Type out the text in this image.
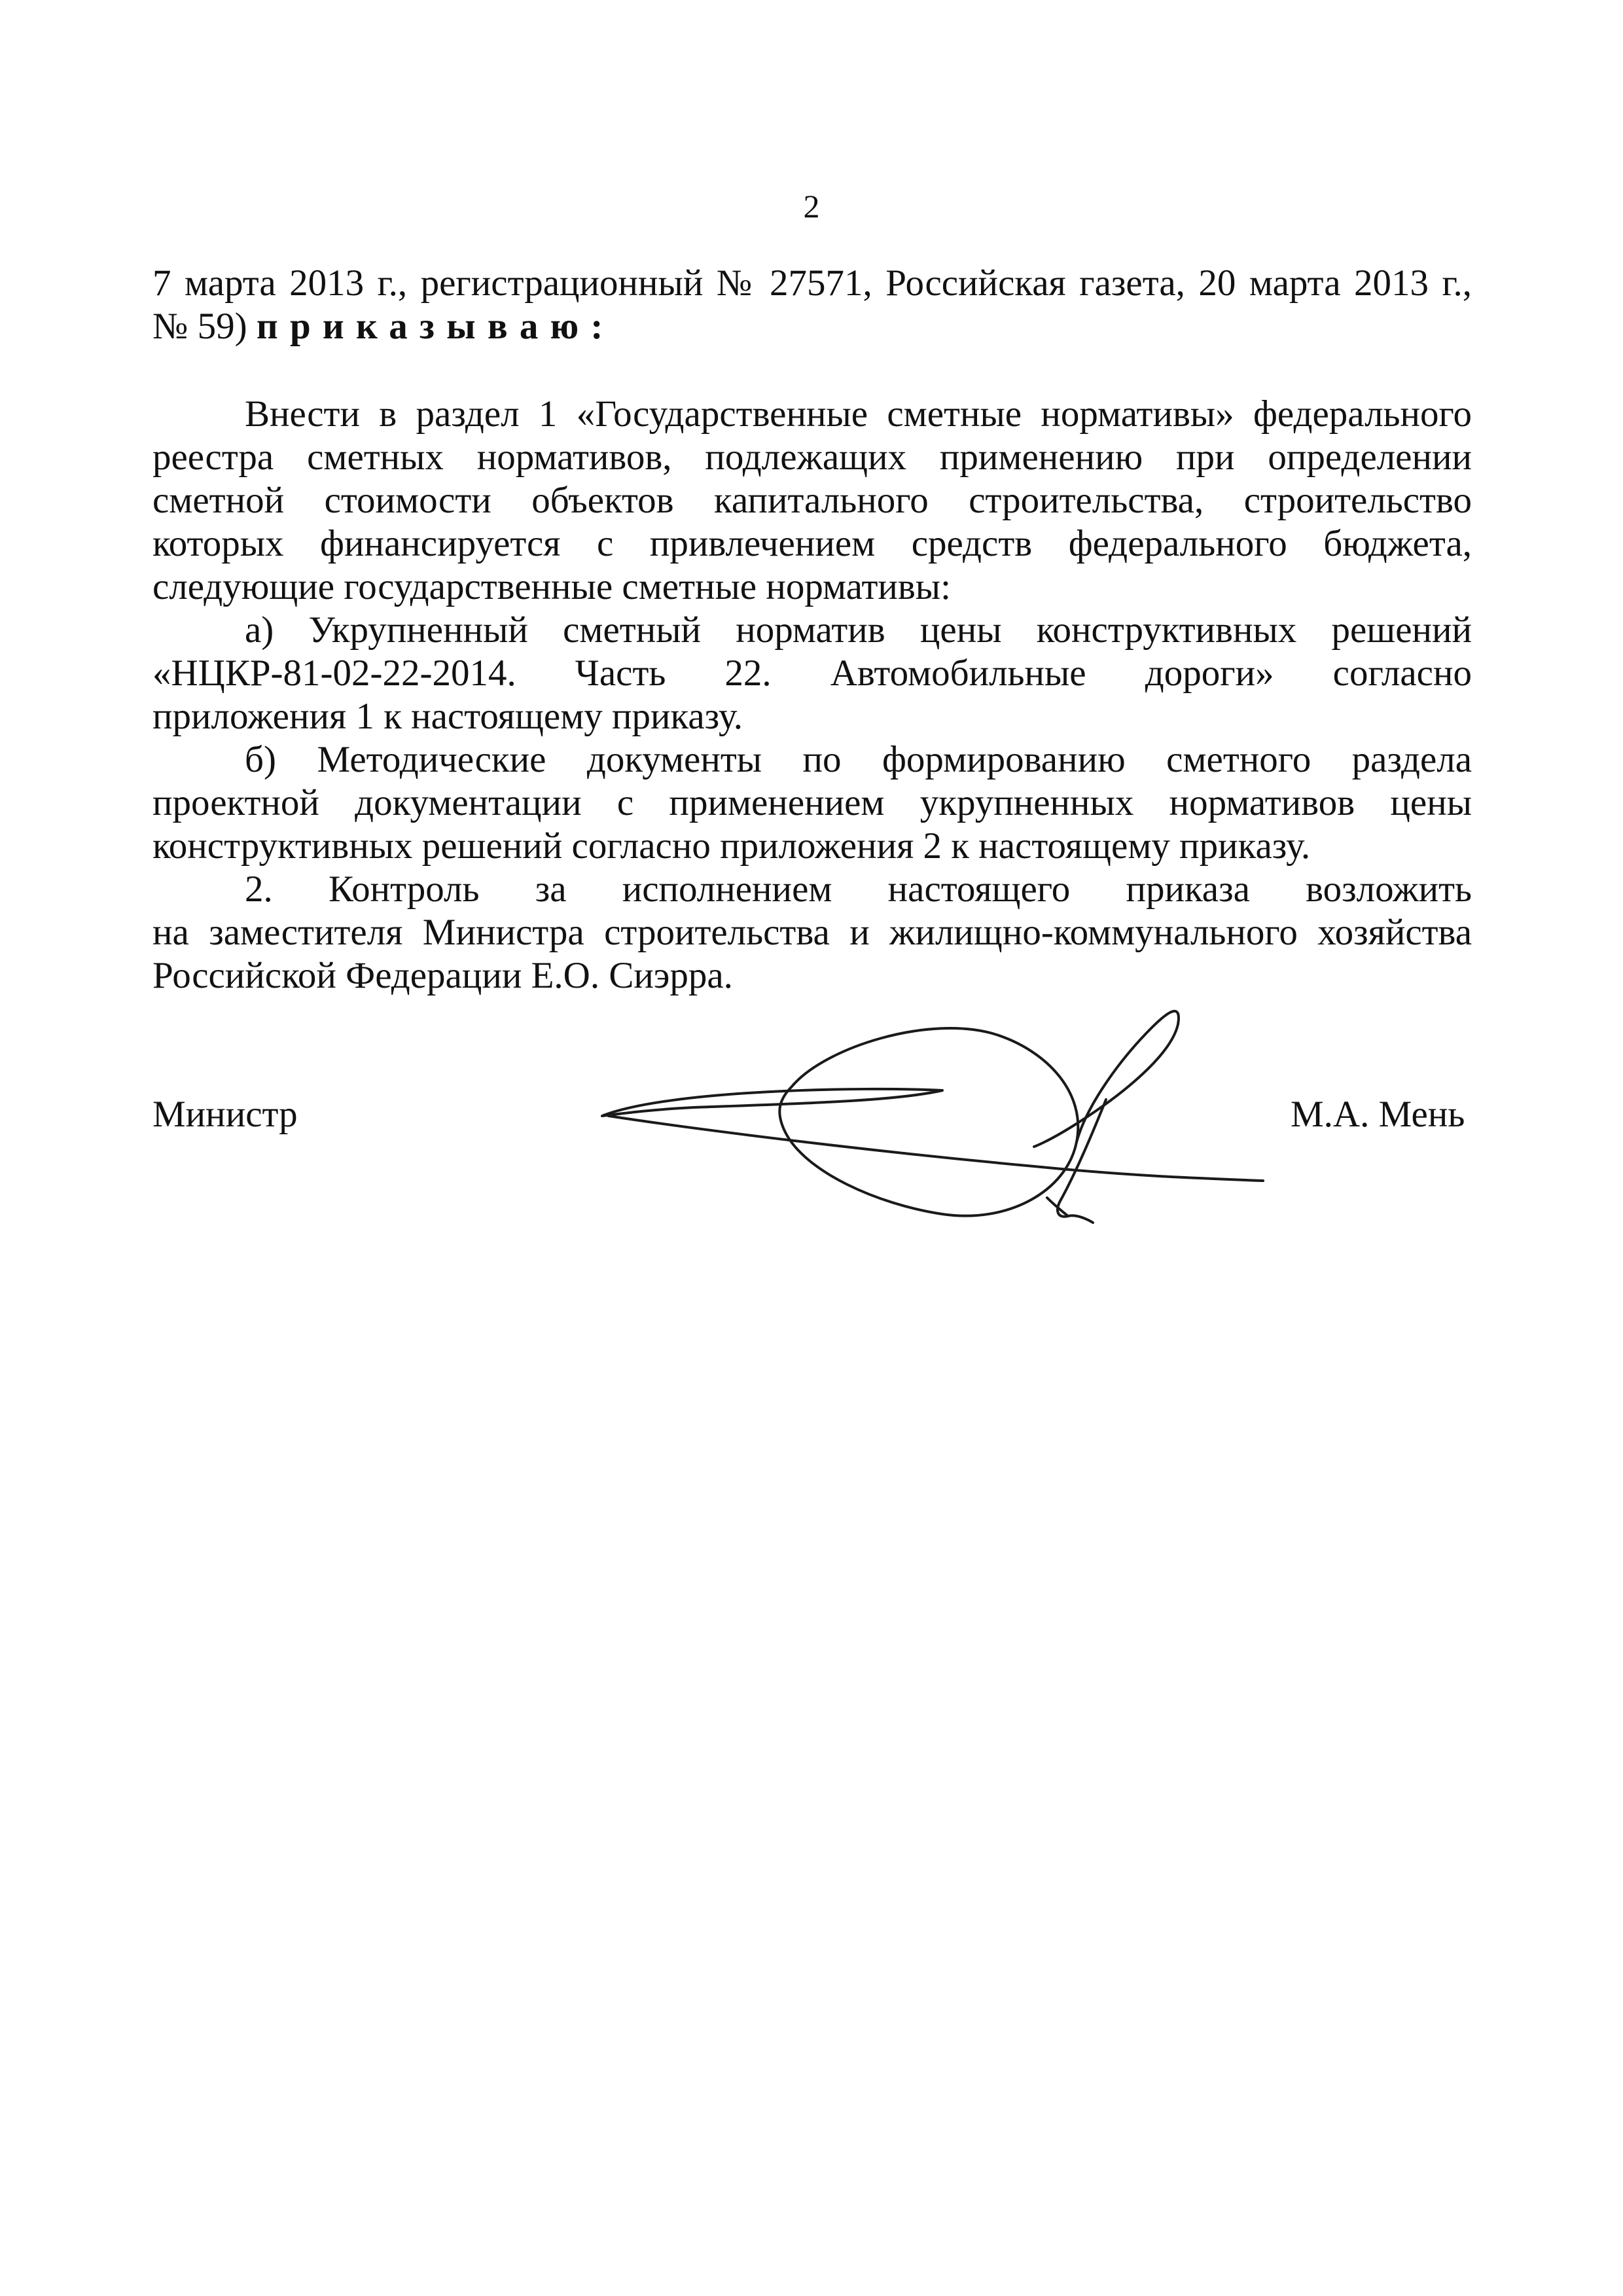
2
7 марта 2013 г., регистрационный № 27571, Российская газета, 20 марта 2013 г.,
№ 59) приказываю:
Внести в раздел 1 «Государственные сметные нормативы» федерального
реестра сметных нормативов, подлежащих применению при определении
сметной стоимости объектов капитального строительства, строительство
которых финансируется с привлечением средств федерального бюджета,
следующие государственные сметные нормативы:
а) Укрупненный сметный норматив цены конструктивных решений
«НЦКР-81-02-22-2014. Часть 22. Автомобильные дороги» согласно
приложения 1 к настоящему приказу.
б) Методические документы по формированию сметного раздела
проектной документации с применением укрупненных нормативов цены
конструктивных решений согласно приложения 2 к настоящему приказу.
2. Контроль за исполнением настоящего приказа возложить
на заместителя Министра строительства и жилищно-коммунального хозяйства
Российской Федерации Е.О. Сиэрра.
Министр	М.А. Мень
